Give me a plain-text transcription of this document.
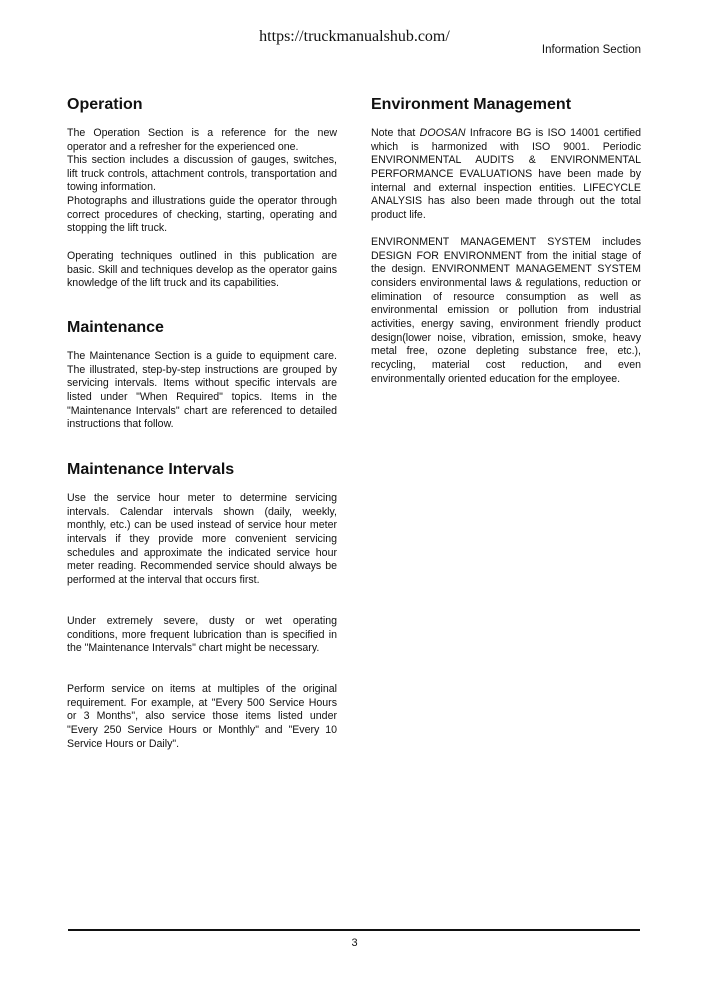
https://truckmanualshub.com/
Information Section
Operation

The Operation Section is a reference for the new operator and a refresher for the experienced one.

This section includes a discussion of gauges, switches, lift truck controls, attachment controls, transportation and towing information.

Photographs and illustrations guide the operator through correct procedures of checking, starting, operating and stopping the lift truck.

Operating techniques outlined in this publication are basic. Skill and techniques develop as the operator gains knowledge of the lift truck and its capabilities.

Maintenance

The Maintenance Section is a guide to equipment care. The illustrated, step-by-step instructions are grouped by servicing intervals. Items without specific intervals are listed under "When Required" topics. Items in the "Maintenance Intervals" chart are referenced to detailed instructions that follow.

Maintenance Intervals

Use the service hour meter to determine servicing intervals. Calendar intervals shown (daily, weekly, monthly, etc.) can be used instead of service hour meter intervals if they provide more convenient servicing schedules and approximate the indicated service hour meter reading. Recommended service should always be performed at the interval that occurs first.

Under extremely severe, dusty or wet operating conditions, more frequent lubrication than is specified in the "Maintenance Intervals" chart might be necessary.

Perform service on items at multiples of the original requirement. For example, at "Every 500 Service Hours or 3 Months", also service those items listed under "Every 250 Service Hours or Monthly" and "Every 10 Service Hours or Daily".

Environment Management

Note that DOOSAN Infracore BG is ISO 14001 certified which is harmonized with ISO 9001. Periodic ENVIRONMENTAL AUDITS & ENVIRONMENTAL PERFORMANCE EVALUATIONS have been made by internal and external inspection entities. LIFECYCLE ANALYSIS has also been made through out the total product life.

ENVIRONMENT MANAGEMENT SYSTEM includes DESIGN FOR ENVIRONMENT from the initial stage of the design. ENVIRONMENT MANAGEMENT SYSTEM considers environmental laws & regulations, reduction or elimination of resource consumption as well as environmental emission or pollution from industrial activities, energy saving, environment friendly product design(lower noise, vibration, emission, smoke, heavy metal free, ozone depleting substance free, etc.), recycling, material cost reduction, and even environmentally oriented education for the employee.

3
